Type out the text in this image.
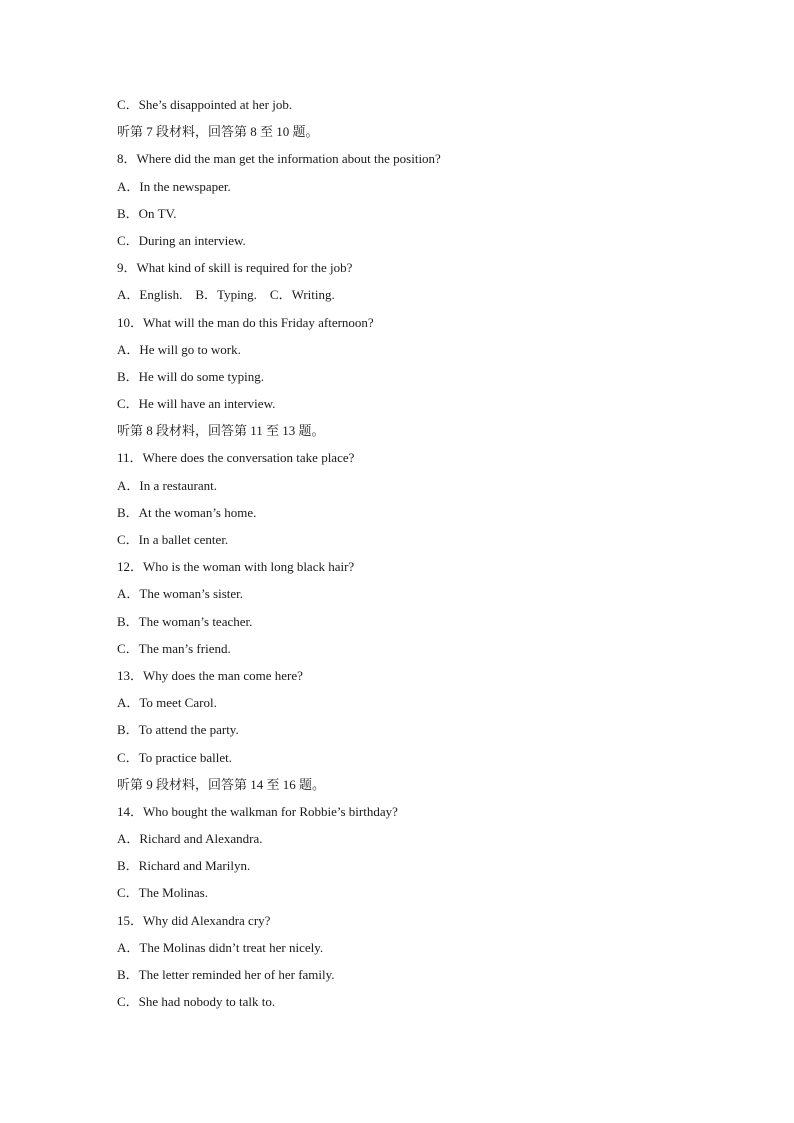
C．She’s disappointed at her job.
听第 7 段材料，回答第 8 至 10 题。
8．Where did the man get the information about the position?
A．In the newspaper.
B．On TV.
C．During an interview.
9．What kind of skill is required for the job?
A．English.    B．Typing.    C．Writing.
10．What will the man do this Friday afternoon?
A．He will go to work.
B．He will do some typing.
C．He will have an interview.
听第 8 段材料，回答第 11 至 13 题。
11．Where does the conversation take place?
A．In a restaurant.
B．At the woman’s home.
C．In a ballet center.
12．Who is the woman with long black hair?
A．The woman’s sister.
B．The woman’s teacher.
C．The man’s friend.
13．Why does the man come here?
A．To meet Carol.
B．To attend the party.
C．To practice ballet.
听第 9 段材料，回答第 14 至 16 题。
14．Who bought the walkman for Robbie’s birthday?
A．Richard and Alexandra.
B．Richard and Marilyn.
C．The Molinas.
15．Why did Alexandra cry?
A．The Molinas didn’t treat her nicely.
B．The letter reminded her of her family.
C．She had nobody to talk to.
